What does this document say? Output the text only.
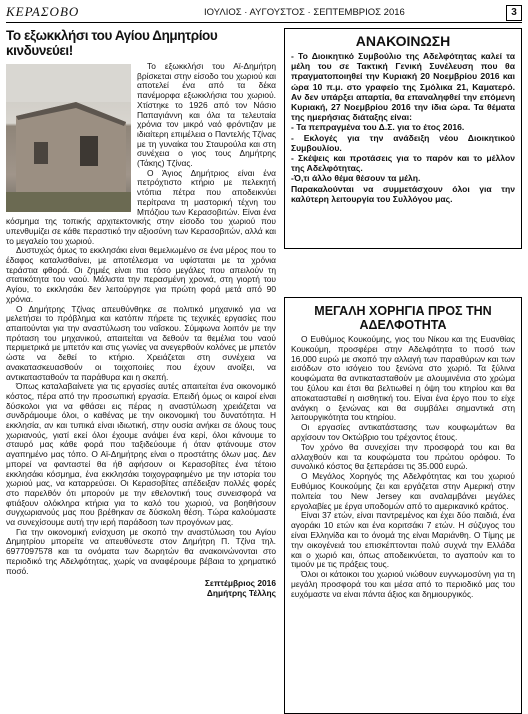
ΚΕΡΑΣΟΒΟ	ΙΟΥΛΙΟΣ · ΑΥΓΟΥΣΤΟΣ · ΣΕΠΤΕΜΒΡΙΟΣ 2016	3
Το εξωκκλήσι του Αγίου Δημητρίου κινδυνεύει!

Το εξωκκλήσι του Αϊ-Δημήτρη βρίσκεται στην είσοδο του χωριού και αποτελεί ένα από τα δέκα πανέμορφα εξωκκλήσια του χωριού. Χτίστηκε το 1926 από τον Νάσιο Παπαγιάννη και όλα τα τελευταία χρόνια τον μικρό ναό φρόντιζαν με ιδιαίτερη επιμέλεια ο Παντελής Τζίνας με τη γυναίκα του Σταυρούλα και στη συνέχεια ο γιος τους Δημήτρης (Τάκης) Τζίνας.

Ο Άγιος Δημήτριος είναι ένα πετρόχτιστο κτήριο με πελεκητή ντόπια πέτρα που αποδεικνύει περίτρανα τη μαστορική τέχνη του Μπόζιου των Κερασοβιτών. Είναι ένα κόσμημα της τοπικής αρχιτεκτονικής στην είσοδο του χωριού που υπενθυμίζει σε κάθε περαστικό την αξιοσύνη των Κερασοβιτών, αλλά και το μεγαλείο του χωριού.

Δυστυχώς όμως το εκκλησάκι είναι θεμελιωμένο σε ένα μέρος που το έδαφος καταλισθαίνει, με αποτέλεσμα να υφίσταται με τα χρόνια τεράστια φθορά. Οι ζημιές είναι πια τόσο μεγάλες που απειλούν τη στατικότητα του ναού. Μάλιστα την περασμένη χρονιά, στη γιορτή του Αγίου, το εκκλησάκι δεν λειτούργησε για πρώτη φορά μετά από 90 χρόνια.

Ο Δημήτρης Τζίνας απευθύνθηκε σε πολιτικό μηχανικό για να μελετήσει το πρόβλημα και κατόπιν πήρετε τις τεχνικές εργασίες που απαιτούνται για την αναστύλωση του ναΐσκου. Σύμφωνα λοιπόν με την πρόταση του μηχανικού, απαιτείται να δεθούν τα θεμέλια του ναού περιμετρικά με μπετόν και στις γωνίες να ανεγερθούν κολόνες με μπετόν ώστε να δεθεί το κτήριο. Χρειάζεται στη συνέχεια να ανακατασκευασθούν οι τοιχοποιίες που έχουν ανοίξει, να αντικατασταθούν τα παράθυρα και η σκεπή.

Όπως καταλαβαίνετε για τις εργασίες αυτές απαιτείται ένα οικονομικό κόστος, πέρα από την προσωπική εργασία. Επειδή όμως οι καιροί είναι δύσκολοι για να φθάσει εις πέρας η αναστύλωση χρειάζεται να συνδράμουμε όλοι, ο καθένας με την οικονομική του δυνατότητα. Η εκκλησία, αν και τυπικά είναι ιδιωτική, στην ουσία ανήκει σε όλους τους χωριανούς, γιατί εκεί όλοι έχουμε ανάψει ένα κερί, όλοι κάνουμε το σταυρό μας κάθε φορά που ταξιδεύουμε ή όταν φτάνουμε στον αγαπημένο μας τόπο. Ο Αϊ-Δημήτρης είναι ο προστάτης όλων μας. Δεν μπορεί να φανταστεί θα ήθ αφήσουν οι Κερασοβίτες ένα τέτοιο εκκλησάκι κόσμημα, ένα εκκλησάκι τοιχογραφημένο με την ιστορία του χωριού μας, να καταρρεύσει. Οι Κερασοβίτες απέδειξαν πολλές φορές στο παρελθόν ότι μπορούν με την εθελοντική τους συνεισφορά να φτιάξουν ολόκληρα κτήρια για το καλό του χωριού, να βοηθήσουν συγχωριανούς μας που βρέθηκαν σε δύσκολη θέση. Τώρα καλούμαστε να συνεχίσουμε αυτή την ιερή παράδοση των προγόνων μας.

Για την οικονομική ενίσχυση με σκοπό την αναστύλωση του Αγίου Δημητρίου μπορείτε να απευθύνεστε στον Δημήτρη Π. Τζίνα τηλ. 6977097578 και τα ονόματα των δωρητών θα ανακοινώνονται στο περιοδικό της Αδελφότητας, χωρίς να αναφέρουμε βέβαια το χρηματικό ποσό.

Σεπτέμβριος 2016
Δημήτρης Τέλλης
ΑΝΑΚΟΙΝΩΣΗ

- Το Διοικητικό Συμβούλιο της Αδελφότητας καλεί τα μέλη του σε Τακτική Γενική Συνέλευση που θα πραγματοποιηθεί την Κυριακή 20 Νοεμβρίου 2016 και ώρα 10 π.μ. στο γραφείο της Σμόλικα 21, Καματερό. Αν δεν υπάρξει απαρτία, θα επαναληφθεί την επόμενη Κυριακή, 27 Νοεμβρίου 2016 την ίδια ώρα. Τα θέματα της ημερήσιας διάταξης είναι:

- Τα πεπραγμένα του Δ.Σ. για το έτος 2016.

- Εκλογές για την ανάδειξη νέου Διοικητικού Συμβουλίου.

- Σκέψεις και προτάσεις για το παρόν και το μέλλον της Αδελφότητας.

-Ό,τι άλλο θέμα θέσουν τα μέλη.

Παρακαλούνται να συμμετάσχουν όλοι για την καλύτερη λειτουργία του Συλλόγου μας.

ΜΕΓΑΛΗ ΧΟΡΗΓΙΑ ΠΡΟΣ ΤΗΝ ΑΔΕΛΦΟΤΗΤΑ

Ο Ευθύμιος Κουκούμης, γιος του Νίκου και της Ευανθίας Κουκούμη, προσφέρει στην Αδελφότητα το ποσό των 16.000 ευρώ με σκοπό την αλλαγή των παραθύρων και των εισόδων στο ισόγειο του ξενώνα στο χωριό. Τα ξύλινα κουφώματα θα αντικατασταθούν με αλουμινένια στο χρώμα του ξύλου και έτσι θα βελτιωθεί η όψη του κτηρίου και θα αποκατασταθεί η αισθητική του. Είναι ένα έργο που το είχε ανάγκη ο ξενώνας και θα συμβάλει σημαντικά στη λειτουργικότητα του κτηρίου.

Οι εργασίες αντικατάστασης των κουφωμάτων θα αρχίσουν τον Οκτώβριο του τρέχοντος έτους.

Τον χρόνο θα συνεχίσει την προσφορά του και θα αλλαχθούν και τα κουφώματα του πρώτου ορόφου. Το συνολικό κόστος θα ξεπεράσει τις 35.000 ευρώ.

Ο Μεγάλος Χορηγός της Αδελφότητας και του χωριού Ευθύμιος Κουκούμης ζει και εργάζεται στην Αμερική στην πολιτεία του New Jersey και αναλαμβάνει μεγάλες εργολαβίες με έργα υποδομών από το αμερικανικό κράτος.

Είναι 37 ετών, είναι παντρεμένος και έχει δύο παιδιά, ένα αγοράκι 10 ετών και ένα κοριτσάκι 7 ετών. Η σύζυγος του είναι Ελληνίδα και το όνομά της είναι Μαριάνθη. Ο Τίμης με την οικογένειά του επισκέπτονται πολύ συχνά την Ελλάδα και ο χωριό και, όπως αποδεικνύεται, το αγαπούν και το τιμούν με τις πράξεις τους.

Όλοι οι κάτοικοι του χωριού νιώθουν ευγνωμοσύνη για τη μεγάλη προσφορά του και μέσα από το περιοδικό μας του ευχόμαστε να είναι πάντα άξιος και δημιουργικός.
